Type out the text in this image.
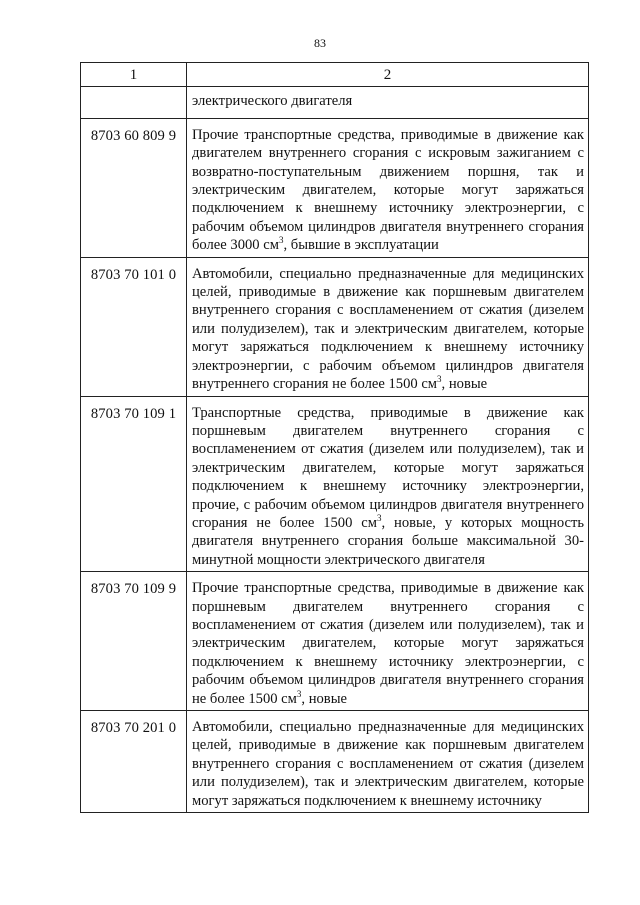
83
1	2
	электрического двигателя
8703 60 809 9	Прочие транспортные средства, приводимые в движение как двигателем внутреннего сгорания с искровым зажиганием с возвратно-поступательным движением поршня, так и электрическим двигателем, которые могут заряжаться подключением к внешнему источнику электроэнергии, с рабочим объемом цилиндров двигателя внутреннего сгорания более 3000 $см^3$, бывшие в эксплуатации
8703 70 101 0	Автомобили, специально предназначенные для медицинских целей, приводимые в движение как поршневым двигателем внутреннего сгорания с воспламенением от сжатия (дизелем или полудизелем), так и электрическим двигателем, которые могут заряжаться подключением к внешнему источнику электроэнергии, с рабочим объемом цилиндров двигателя внутреннего сгорания не более 1500 $см^3$, новые
8703 70 109 1	Транспортные средства, приводимые в движение как поршневым двигателем внутреннего сгорания с воспламенением от сжатия (дизелем или полудизелем), так и электрическим двигателем, которые могут заряжаться подключением к внешнему источнику электроэнергии, прочие, с рабочим объемом цилиндров двигателя внутреннего сгорания не более 1500 $см^3$, новые, у которых мощность двигателя внутреннего сгорания больше максимальной 30-минутной мощности электрического двигателя
8703 70 109 9	Прочие транспортные средства, приводимые в движение как поршневым двигателем внутреннего сгорания с воспламенением от сжатия (дизелем или полудизелем), так и электрическим двигателем, которые могут заряжаться подключением к внешнему источнику электроэнергии, с рабочим объемом цилиндров двигателя внутреннего сгорания не более 1500 $см^3$, новые
8703 70 201 0	Автомобили, специально предназначенные для медицинских целей, приводимые в движение как поршневым двигателем внутреннего сгорания с воспламенением от сжатия (дизелем или полудизелем), так и электрическим двигателем, которые могут заряжаться подключением к внешнему источнику
